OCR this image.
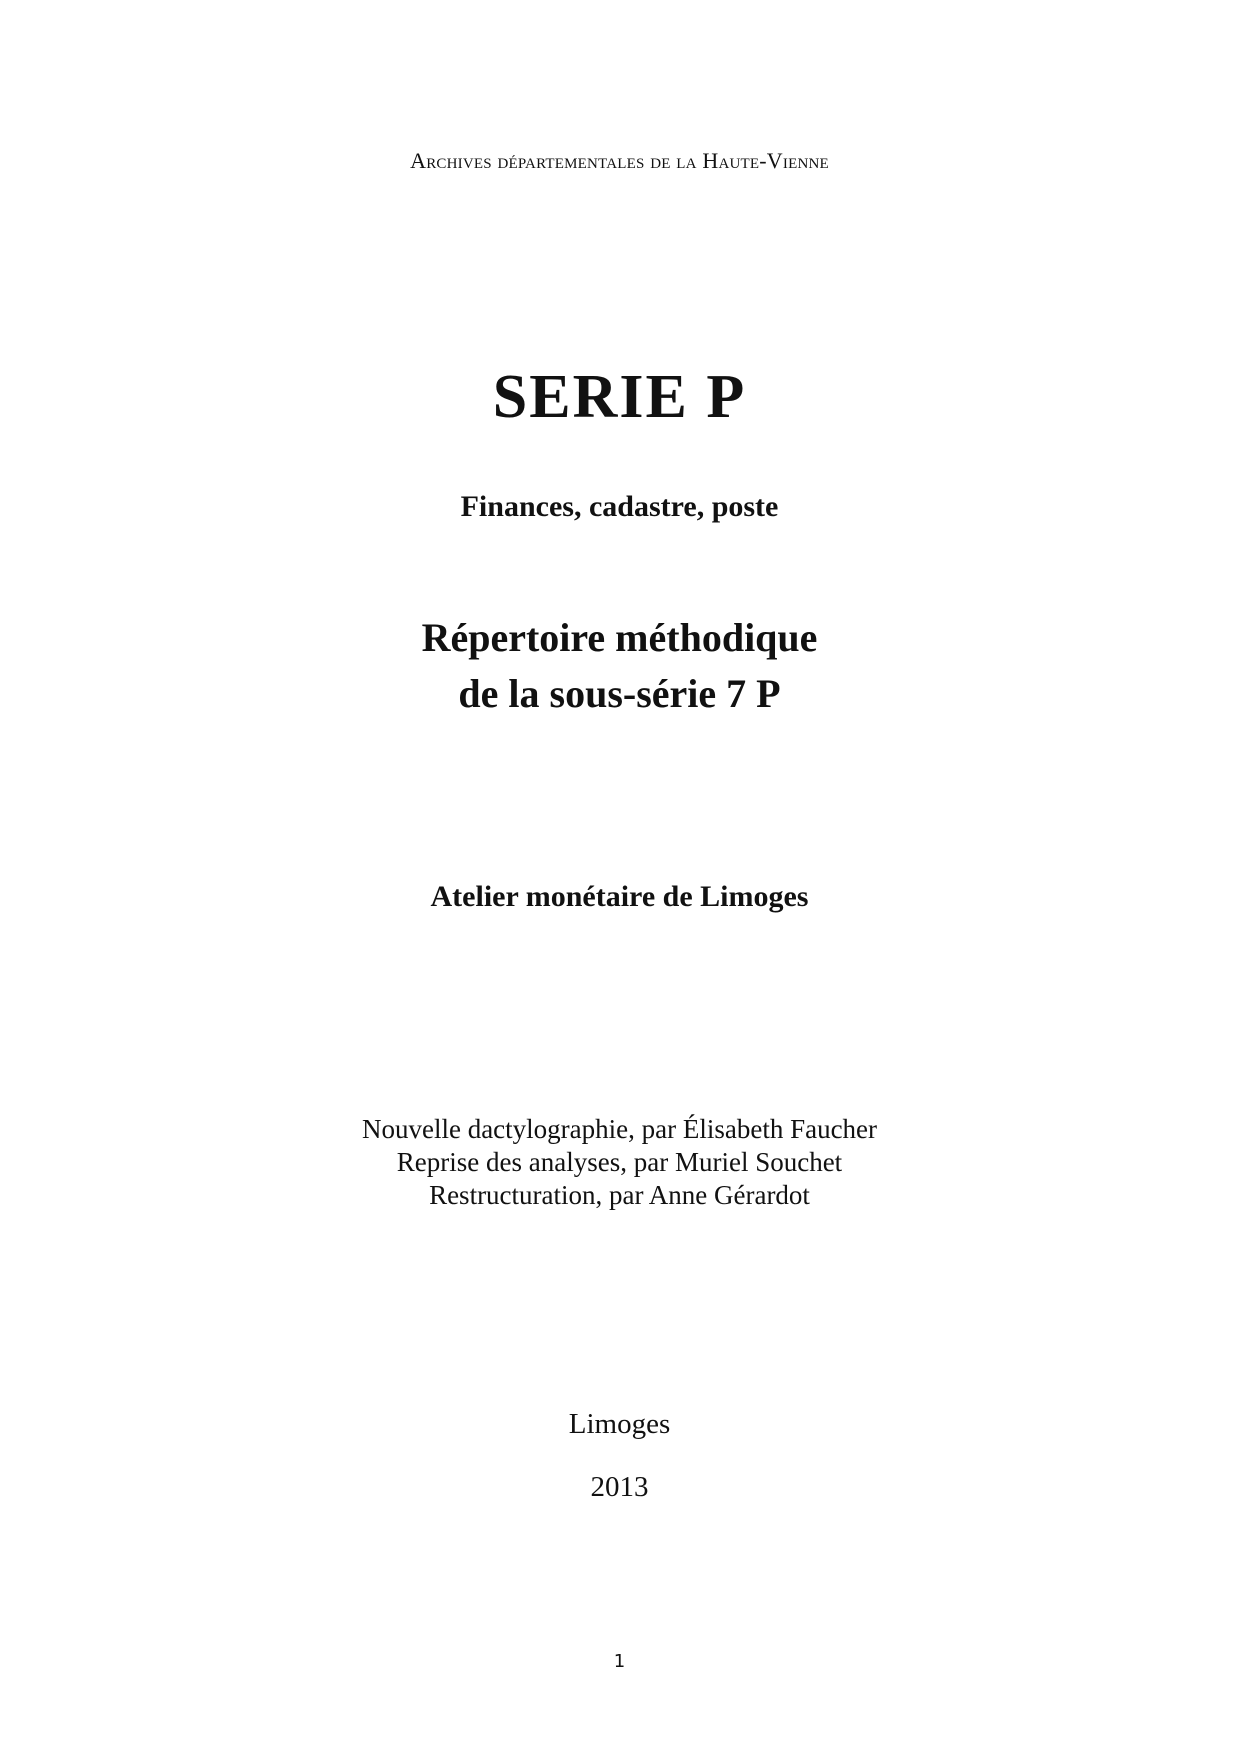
Archives départementales de la Haute-Vienne

SERIE P
Finances, cadastre, poste
Répertoire méthodique
de la sous-série 7 P
Atelier monétaire de Limoges
Nouvelle dactylographie, par Élisabeth Faucher
Reprise des analyses, par Muriel Souchet
Restructuration, par Anne Gérardot

Limoges

2013

1
